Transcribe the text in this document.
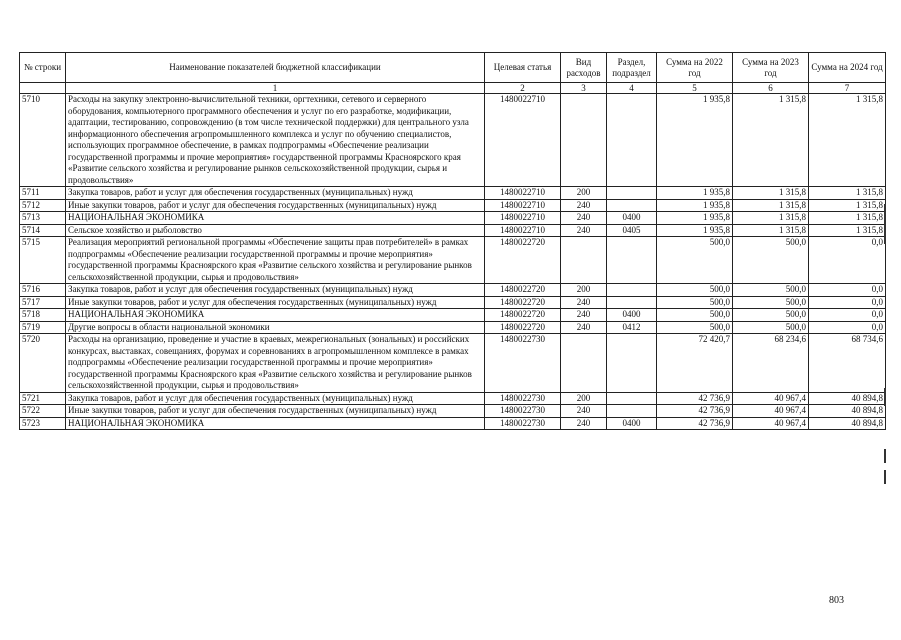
№ строки	Наименование показателей бюджетной классификации	Целевая статья	Вид расходов	Раздел, подраздел	Сумма на 2022 год	Сумма на 2023 год	Сумма на 2024 год
	1	2	3	4	5	6	7
5710	Расходы на закупку электронно-вычислительной техники, оргтехники, сетевого и серверного оборудования, компьютерного программного обеспечения и услуг по его разработке, модификации, адаптации, тестированию, сопровождению (в том числе технической поддержки) для центрального узла информационного обеспечения агропромышленного комплекса и услуг по обучению специалистов, использующих программное обеспечение, в рамках подпрограммы «Обеспечение реализации государственной программы и прочие мероприятия» государственной программы Красноярского края «Развитие сельского хозяйства и регулирование рынков сельскохозяйственной продукции, сырья и продовольствия»	1480022710			1 935,8	1 315,8	1 315,8
5711	Закупка товаров, работ и услуг для обеспечения государственных (муниципальных) нужд	1480022710	200		1 935,8	1 315,8	1 315,8
5712	Иные закупки товаров, работ и услуг для обеспечения государственных (муниципальных) нужд	1480022710	240		1 935,8	1 315,8	1 315,8
5713	НАЦИОНАЛЬНАЯ ЭКОНОМИКА	1480022710	240	0400	1 935,8	1 315,8	1 315,8
5714	Сельское хозяйство и рыболовство	1480022710	240	0405	1 935,8	1 315,8	1 315,8
5715	Реализация мероприятий региональной программы «Обеспечение защиты прав потребителей» в рамках подпрограммы «Обеспечение реализации государственной программы и прочие мероприятия» государственной программы Красноярского края «Развитие сельского хозяйства и регулирование рынков сельскохозяйственной продукции, сырья и продовольствия»	1480022720			500,0	500,0	0,0
5716	Закупка товаров, работ и услуг для обеспечения государственных (муниципальных) нужд	1480022720	200		500,0	500,0	0,0
5717	Иные закупки товаров, работ и услуг для обеспечения государственных (муниципальных) нужд	1480022720	240		500,0	500,0	0,0
5718	НАЦИОНАЛЬНАЯ ЭКОНОМИКА	1480022720	240	0400	500,0	500,0	0,0
5719	Другие вопросы в области национальной экономики	1480022720	240	0412	500,0	500,0	0,0
5720	Расходы на организацию, проведение и участие в краевых, межрегиональных (зональных) и российских конкурсах, выставках, совещаниях, форумах и соревнованиях в агропромышленном комплексе в рамках подпрограммы «Обеспечение реализации государственной программы и прочие мероприятия» государственной программы Красноярского края «Развитие сельского хозяйства и регулирование рынков сельскохозяйственной продукции, сырья и продовольствия»	1480022730			72 420,7	68 234,6	68 734,6
5721	Закупка товаров, работ и услуг для обеспечения государственных (муниципальных) нужд	1480022730	200		42 736,9	40 967,4	40 894,8
5722	Иные закупки товаров, работ и услуг для обеспечения государственных (муниципальных) нужд	1480022730	240		42 736,9	40 967,4	40 894,8
5723	НАЦИОНАЛЬНАЯ ЭКОНОМИКА	1480022730	240	0400	42 736,9	40 967,4	40 894,8
803
